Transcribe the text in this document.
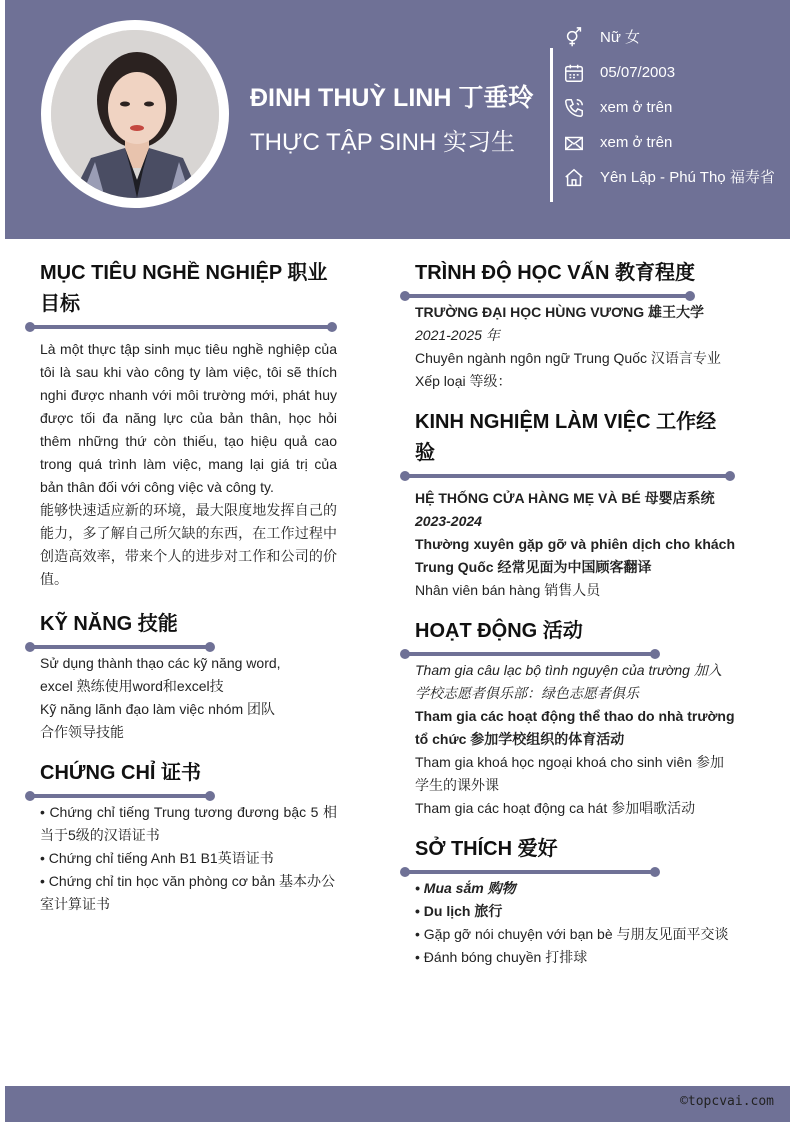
ĐINH THUỲ LINH 丁垂玲
THỰC TẬP SINH 实习生
Nữ 女
05/07/2003
xem ở trên
xem ở trên
Yên Lập - Phú Thọ 福寿省
MỤC TIÊU NGHỀ NGHIỆP 职业目标
Là một thực tập sinh mục tiêu nghề nghiệp của tôi là sau khi vào công ty làm việc, tôi sẽ thích nghi được nhanh với môi trường mới, phát huy được tối đa năng lực của bản thân, học hỏi thêm những thứ còn thiếu, tạo hiệu quả cao trong quá trình làm việc, mang lại giá trị của bản thân đối với công việc và công ty.
能够快速适应新的环境，最大限度地发挥自己的能力，多了解自己所欠缺的东西，在工作过程中创造高效率，带来个人的进步对工作和公司的价值。
KỸ NĂNG 技能
Sử dụng thành thạo các kỹ năng word,
excel 熟练使用word和excel技
Kỹ năng lãnh đạo làm việc nhóm 团队
合作领导技能
CHỨNG CHỈ 证书
• Chứng chỉ tiếng Trung tương đương bậc 5 相当于5级的汉语证书
• Chứng chỉ tiếng Anh B1 B1英语证书
• Chứng chỉ tin học văn phòng cơ bản 基本办公室计算证书
TRÌNH ĐỘ HỌC VẤN 教育程度
TRƯỜNG ĐẠI HỌC HÙNG VƯƠNG 雄王大学
2021-2025 年
Chuyên ngành ngôn ngữ Trung Quốc 汉语言专业
Xếp loại 等级：
KINH NGHIỆM LÀM VIỆC 工作经验
HỆ THỐNG CỬA HÀNG MẸ VÀ BÉ 母婴店系统
2023-2024
Thường xuyên gặp gỡ và phiên dịch cho khách Trung Quốc 经常见面为中国顾客翻译
Nhân viên bán hàng 销售人员
HOẠT ĐỘNG 活动
Tham gia câu lạc bộ tình nguyện của trường 加入学校志愿者俱乐部：绿色志愿者俱乐
Tham gia các hoạt động thể thao do nhà trường tổ chức 参加学校组织的体育活动
Tham gia khoá học ngoại khoá cho sinh viên 参加学生的课外课
Tham gia các hoạt động ca hát 参加唱歌活动
SỞ THÍCH 爱好
• Mua sắm 购物
• Du lịch 旅行
• Gặp gỡ nói chuyện với bạn bè 与朋友见面平交谈
• Đánh bóng chuyền 打排球
©topcvai.com
